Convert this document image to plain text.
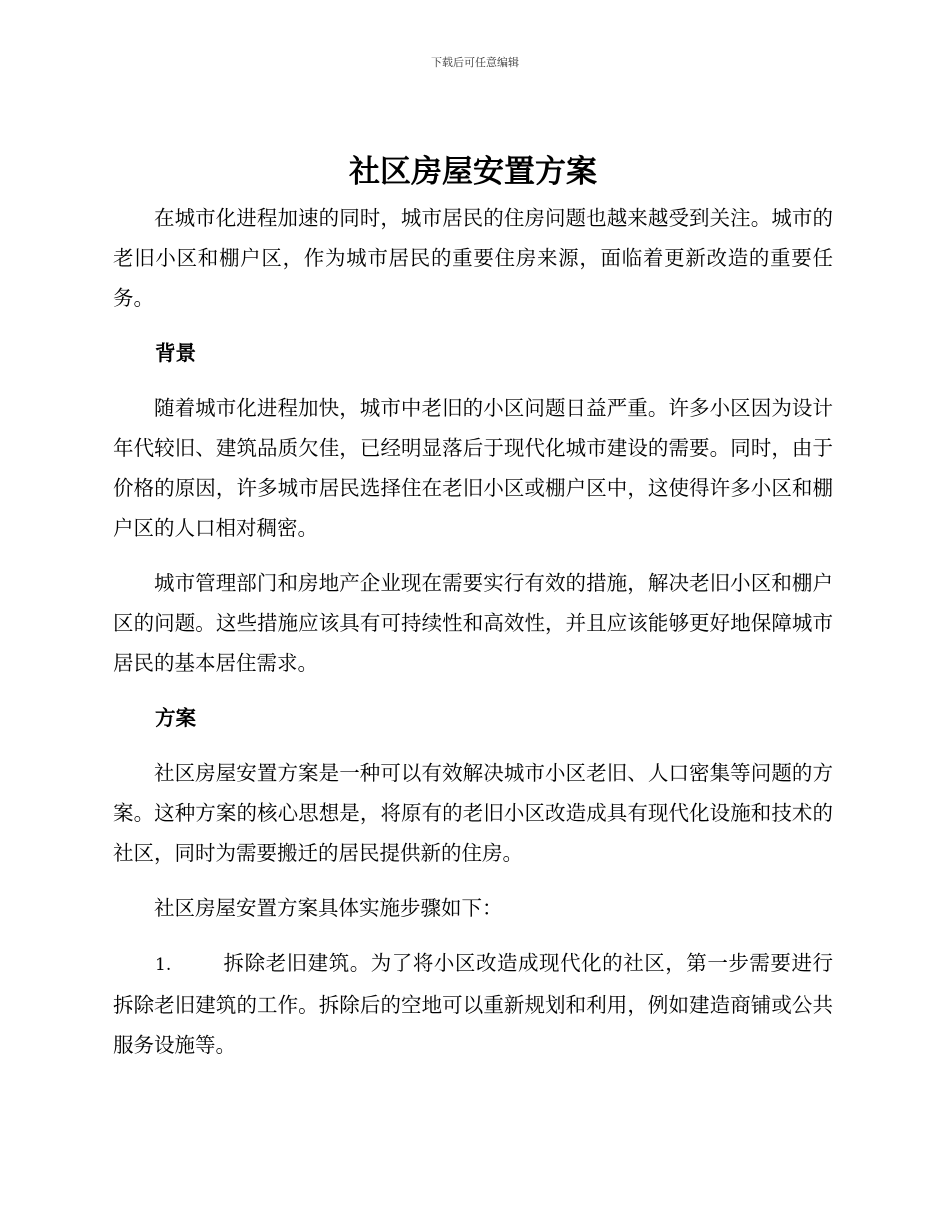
下载后可任意编辑
社区房屋安置方案

在城市化进程加速的同时，城市居民的住房问题也越来越受到关注。城市的老旧小区和棚户区，作为城市居民的重要住房来源，面临着更新改造的重要任务。

背景

随着城市化进程加快，城市中老旧的小区问题日益严重。许多小区因为设计年代较旧、建筑品质欠佳，已经明显落后于现代化城市建设的需要。同时，由于价格的原因，许多城市居民选择住在老旧小区或棚户区中，这使得许多小区和棚户区的人口相对稠密。

城市管理部门和房地产企业现在需要实行有效的措施，解决老旧小区和棚户区的问题。这些措施应该具有可持续性和高效性，并且应该能够更好地保障城市居民的基本居住需求。

方案

社区房屋安置方案是一种可以有效解决城市小区老旧、人口密集等问题的方案。这种方案的核心思想是，将原有的老旧小区改造成具有现代化设施和技术的社区，同时为需要搬迁的居民提供新的住房。

社区房屋安置方案具体实施步骤如下：

1.	拆除老旧建筑。为了将小区改造成现代化的社区，第一步需要进行拆除老旧建筑的工作。拆除后的空地可以重新规划和利用，例如建造商铺或公共服务设施等。
